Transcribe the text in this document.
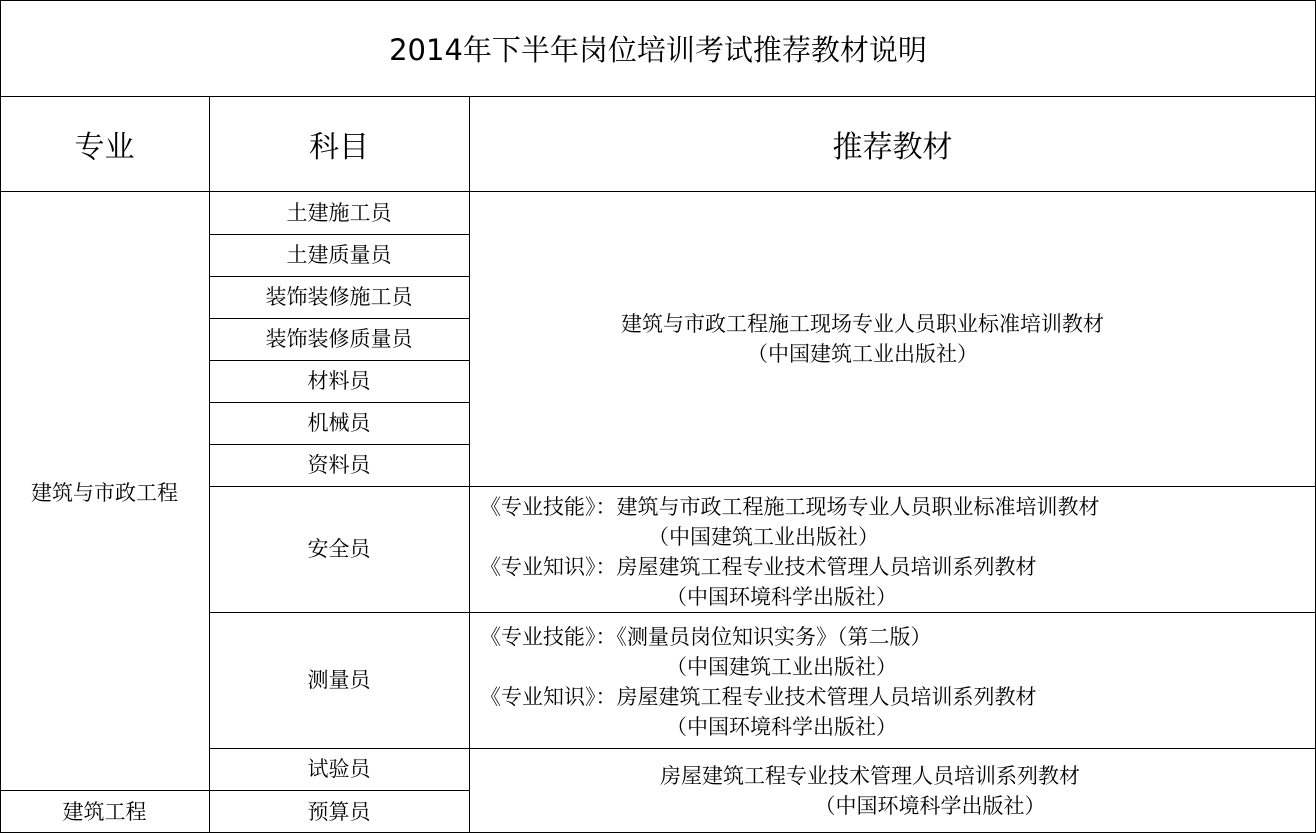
2014年下半年岗位培训考试推荐教材说明
专业	科目	推荐教材
建筑与市政工程
建筑工程
土建施工员
土建质量员
装饰装修施工员
装饰装修质量员
材料员
机械员
资料员
安全员
测量员
试验员
预算员
建筑与市政工程施工现场专业人员职业标准培训教材
（中国建筑工业出版社）
《专业技能》：建筑与市政工程施工现场专业人员职业标准培训教材
（中国建筑工业出版社）
《专业知识》：房屋建筑工程专业技术管理人员培训系列教材
（中国环境科学出版社）
《专业技能》：《测量员岗位知识实务》（第二版）
（中国建筑工业出版社）
《专业知识》：房屋建筑工程专业技术管理人员培训系列教材
（中国环境科学出版社）
房屋建筑工程专业技术管理人员培训系列教材
（中国环境科学出版社）
